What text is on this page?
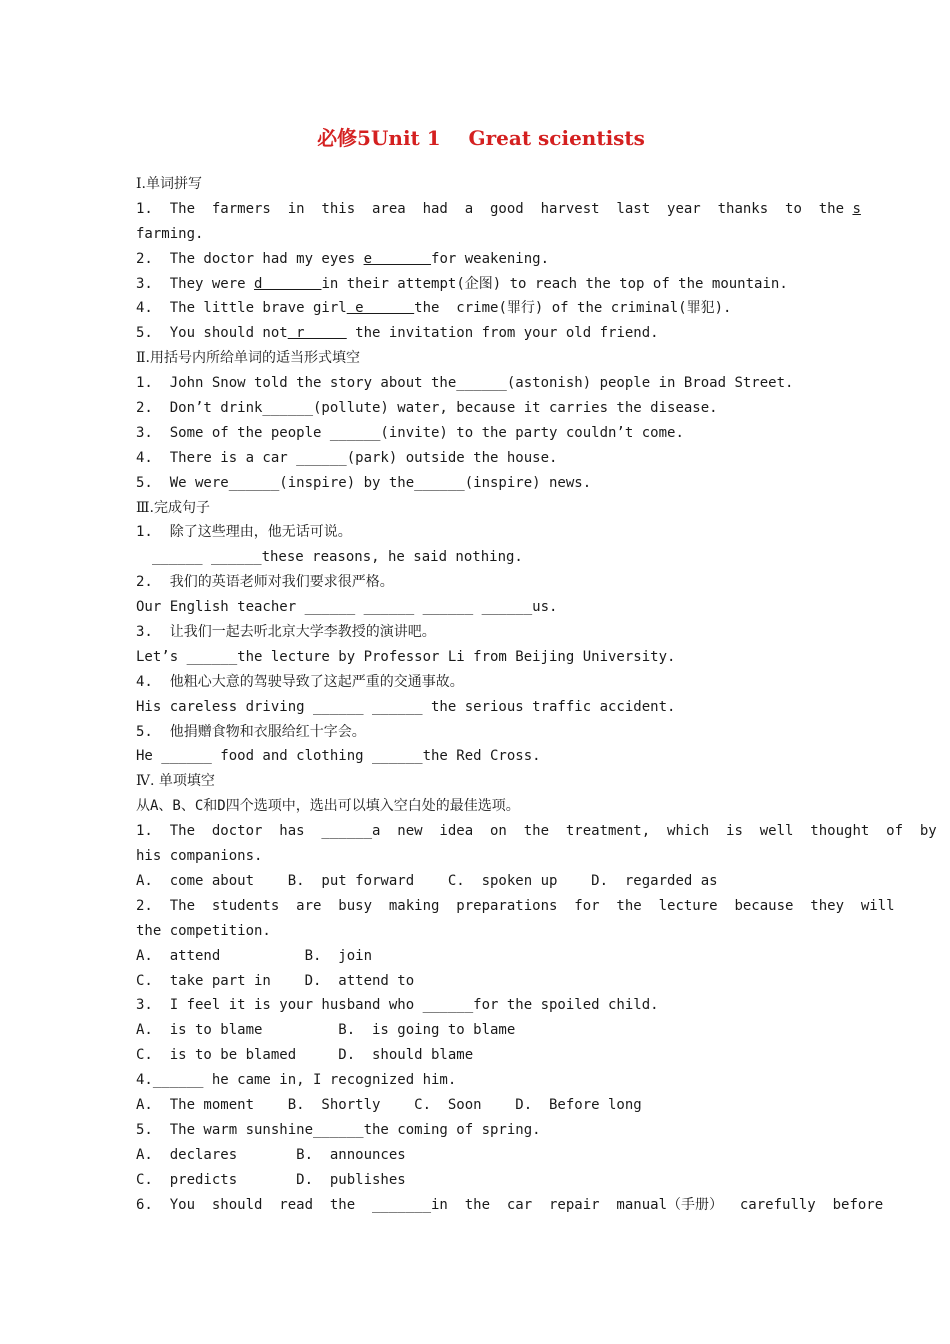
必修5Unit 1    Great scientists
Ⅰ.单词拼写
1.  The  farmers  in  this  area  had  a  good  harvest  last  year  thanks  to  the s
farming.
2.  The doctor had my eyes e       for weakening.
3.  They were d       in their attempt(企图) to reach the top of the mountain.
4.  The little brave girl e      the  crime(罪行) of the criminal(罪犯).
5.  You should not r      the invitation from your old friend.
Ⅱ.用括号内所给单词的适当形式填空
1.  John Snow told the story about the______(astonish) people in Broad Street.
2.  Don’t drink______(pollute) water, because it carries the disease.
3.  Some of the people ______(invite) to the party couldn’t come.
4.  There is a car ______(park) outside the house.
5.  We were______(inspire) by the______(inspire) news.
Ⅲ.完成句子
1.  除了这些理由，他无话可说。
______ ______these reasons, he said nothing.
2.  我们的英语老师对我们要求很严格。
Our English teacher ______ ______ ______ ______us.
3.  让我们一起去听北京大学李教授的演讲吧。
Let’s ______the lecture by Professor Li from Beijing University.
4.  他粗心大意的驾驶导致了这起严重的交通事故。
His careless driving ______ ______ the serious traffic accident.
5.  他捐赠食物和衣服给红十字会。
He ______ food and clothing ______the Red Cross.
Ⅳ. 单项填空
从A、B、C和D四个选项中，选出可以填入空白处的最佳选项。
1.  The  doctor  has  ______a  new  idea  on  the  treatment,  which  is  well  thought  of  by
his companions.
A.  come about    B.  put forward    C.  spoken up    D.  regarded as
2.  The  students  are  busy  making  preparations  for  the  lecture  because  they  will
the competition.
A.  attend          B.  join
C.  take part in    D.  attend to
3.  I feel it is your husband who ______for the spoiled child.
A.  is to blame         B.  is going to blame
C.  is to be blamed     D.  should blame
4.______ he came in, I recognized him.
A.  The moment    B.  Shortly    C.  Soon    D.  Before long
5.  The warm sunshine______the coming of spring.
A.  declares       B.  announces
C.  predicts       D.  publishes
6.  You  should  read  the  _______in  the  car  repair  manual（手册）  carefully  before
